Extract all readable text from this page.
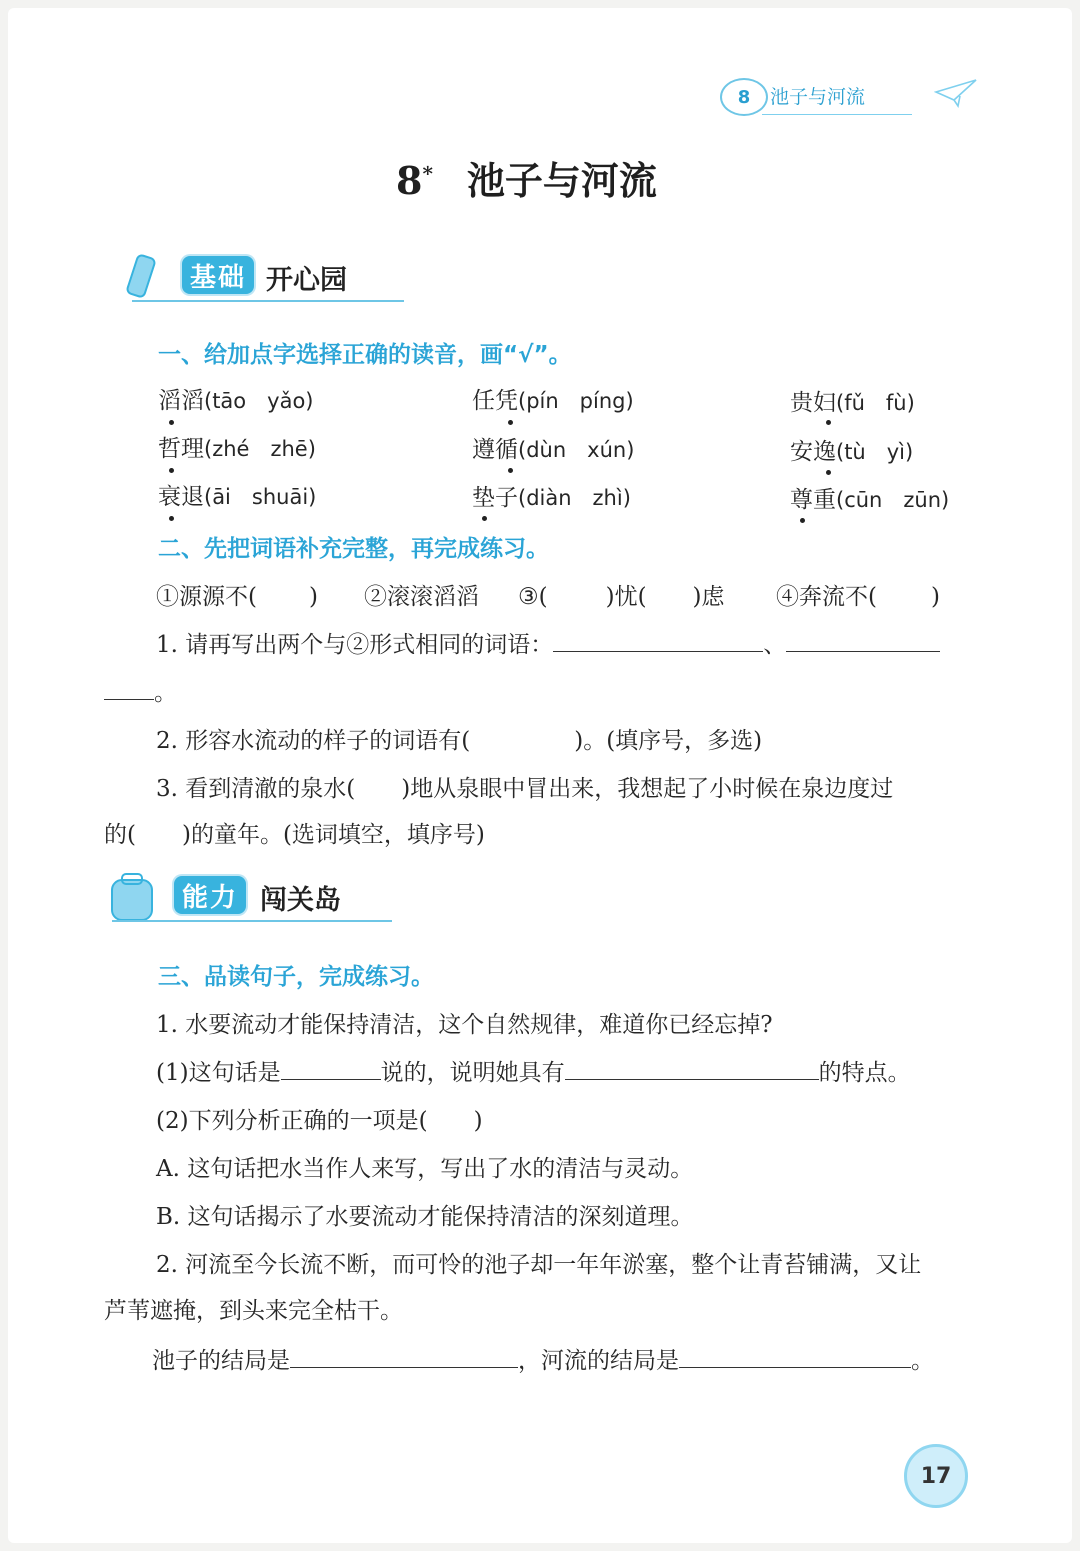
8	池子与河流
8* 池子与河流
基础 开心园
一、给加点字选择正确的读音，画“√”。
滔滔(tāo　yǎo)	任凭(pín　píng)	贵妇(fǔ　fù)
哲理(zhé　zhē)	遵循(dùn　xún)	安逸(tù　yì)
衰退(āi　shuāi)	垫子(diàn　zhì)	尊重(cūn　zūn)
二、先把词语补充完整，再完成练习。
①源源不( ) ②滚滚滔滔 ③(	)忧( )虑 ④奔流不( )
1. 请再写出两个与②形式相同的词语：	、
。
2. 形容水流动的样子的词语有(	)。(填序号，多选)
3. 看到清澈的泉水( )地从泉眼中冒出来，我想起了小时候在泉边度过
的( )的童年。(选词填空，填序号)
能力 闯关岛
三、品读句子，完成练习。
1. 水要流动才能保持清洁，这个自然规律，难道你已经忘掉?
(1)这句话是	说的，说明她具有	的特点。
(2)下列分析正确的一项是( )
A. 这句话把水当作人来写，写出了水的清洁与灵动。
B. 这句话揭示了水要流动才能保持清洁的深刻道理。
2. 河流至今长流不断，而可怜的池子却一年年淤塞，整个让青苔铺满，又让
芦苇遮掩，到头来完全枯干。
池子的结局是	，河流的结局是	。
17
